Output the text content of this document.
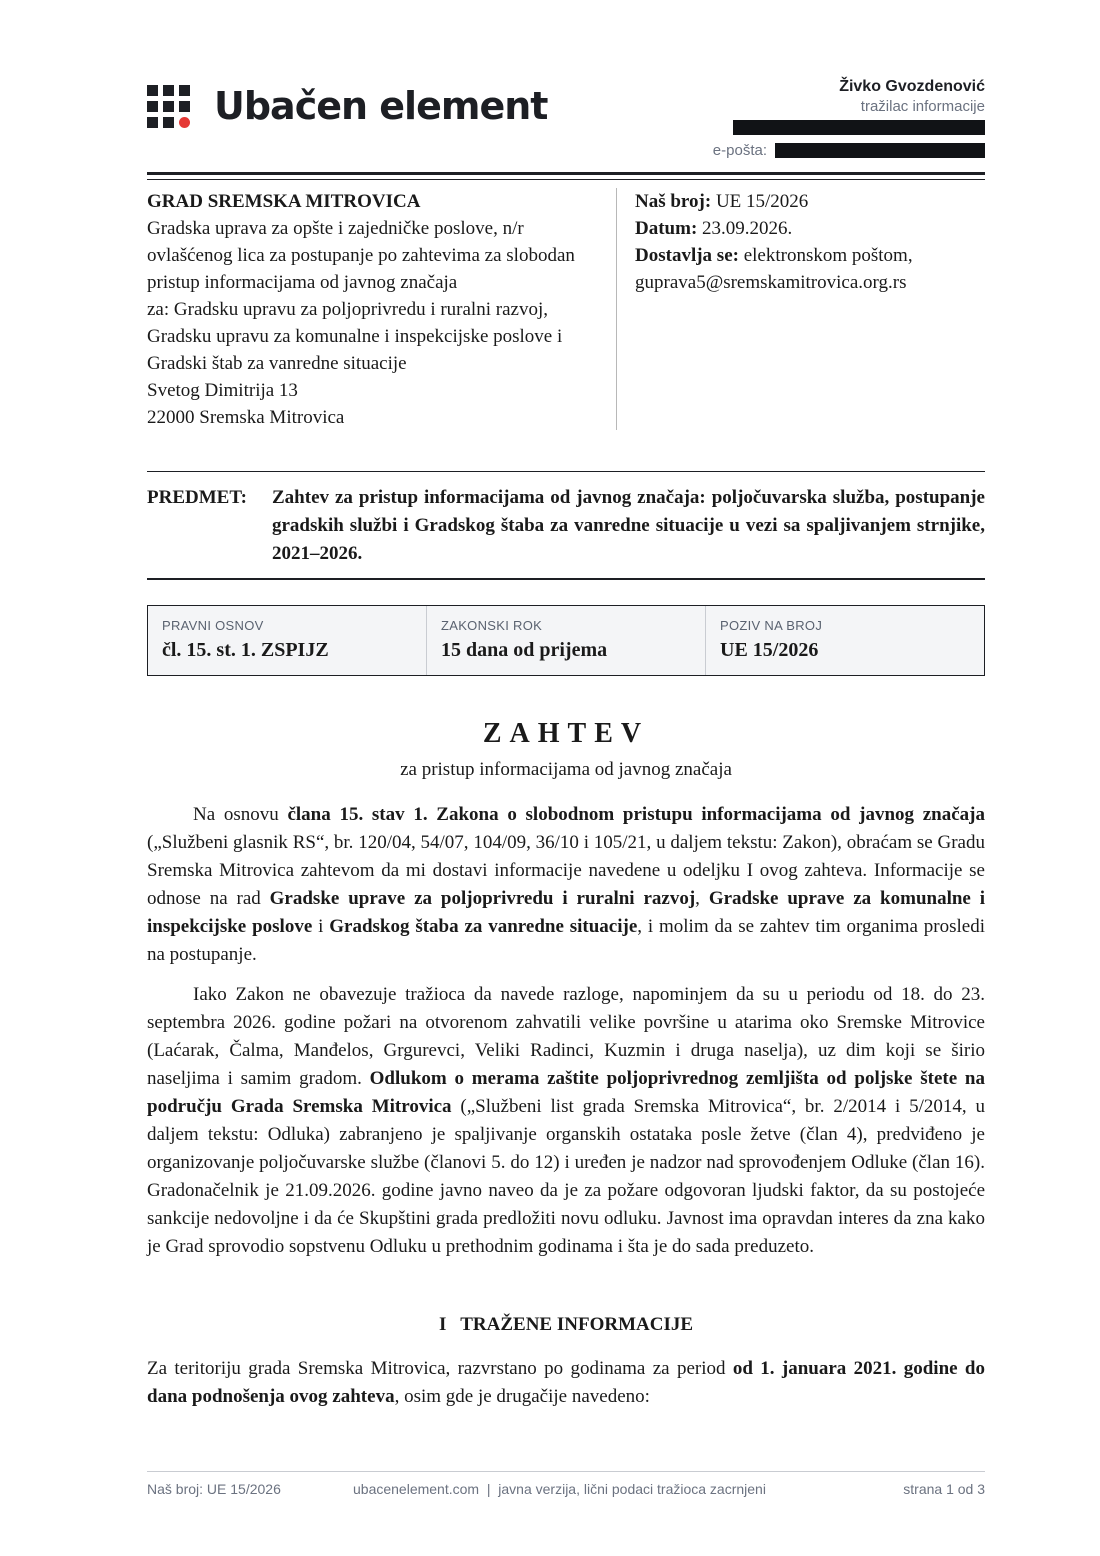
Ubačen element	Živko Gvozdenović
tražilac informacije
e-pošta:
GRAD SREMSKA MITROVICA
Gradska uprava za opšte i zajedničke poslove, n/r
ovlašćenog lica za postupanje po zahtevima za slobodan
pristup informacijama od javnog značaja
za: Gradsku upravu za poljoprivredu i ruralni razvoj,
Gradsku upravu za komunalne i inspekcijske poslove i
Gradski štab za vanredne situacije
Svetog Dimitrija 13
22000 Sremska Mitrovica
Naš broj: UE 15/2026
Datum: 23.09.2026.
Dostavlja se: elektronskom poštom,
guprava5@sremskamitrovica.org.rs
PREDMET:	Zahtev za pristup informacijama od javnog značaja: poljočuvarska služba, postupanje gradskih službi i Gradskog štaba za vanredne situacije u vezi sa spaljivanjem strnjike, 2021–2026.
PRAVNI OSNOV
čl. 15. st. 1. ZSPIJZ
ZAKONSKI ROK
15 dana od prijema
POZIV NA BROJ
UE 15/2026
ZAHTEV
za pristup informacijama od javnog značaja

Na osnovu člana 15. stav 1. Zakona o slobodnom pristupu informacijama od javnog značaja („Službeni glasnik RS“, br. 120/04, 54/07, 104/09, 36/10 i 105/21, u daljem tekstu: Zakon), obraćam se Gradu Sremska Mitrovica zahtevom da mi dostavi informacije navedene u odeljku I ovog zahteva. Informacije se odnose na rad Gradske uprave za poljoprivredu i ruralni razvoj, Gradske uprave za komunalne i inspekcijske poslove i Gradskog štaba za vanredne situacije, i molim da se zahtev tim organima prosledi na postupanje.

Iako Zakon ne obavezuje tražioca da navede razloge, napominjem da su u periodu od 18. do 23. septembra 2026. godine požari na otvorenom zahvatili velike površine u atarima oko Sremske Mitrovice (Laćarak, Čalma, Manđelos, Grgurevci, Veliki Radinci, Kuzmin i druga naselja), uz dim koji se širio naseljima i samim gradom. Odlukom o merama zaštite poljoprivrednog zemljišta od poljske štete na području Grada Sremska Mitrovica („Službeni list grada Sremska Mitrovica“, br. 2/2014 i 5/2014, u daljem tekstu: Odluka) zabranjeno je spaljivanje organskih ostataka posle žetve (član 4), predviđeno je organizovanje poljočuvarske službe (članovi 5. do 12) i uređen je nadzor nad sprovođenjem Odluke (član 16). Gradonačelnik je 21.09.2026. godine javno naveo da je za požare odgovoran ljudski faktor, da su postojeće sankcije nedovoljne i da će Skupštini grada predložiti novu odluku. Javnost ima opravdan interes da zna kako je Grad sprovodio sopstvenu Odluku u prethodnim godinama i šta je do sada preduzeto.

I   TRAŽENE INFORMACIJE

Za teritoriju grada Sremska Mitrovica, razvrstano po godinama za period od 1. januara 2021. godine do dana podnošenja ovog zahteva, osim gde je drugačije navedeno:

Naš broj: UE 15/2026	ubacenelement.com  |  javna verzija, lični podaci tražioca zacrnjeni	strana 1 od 3
